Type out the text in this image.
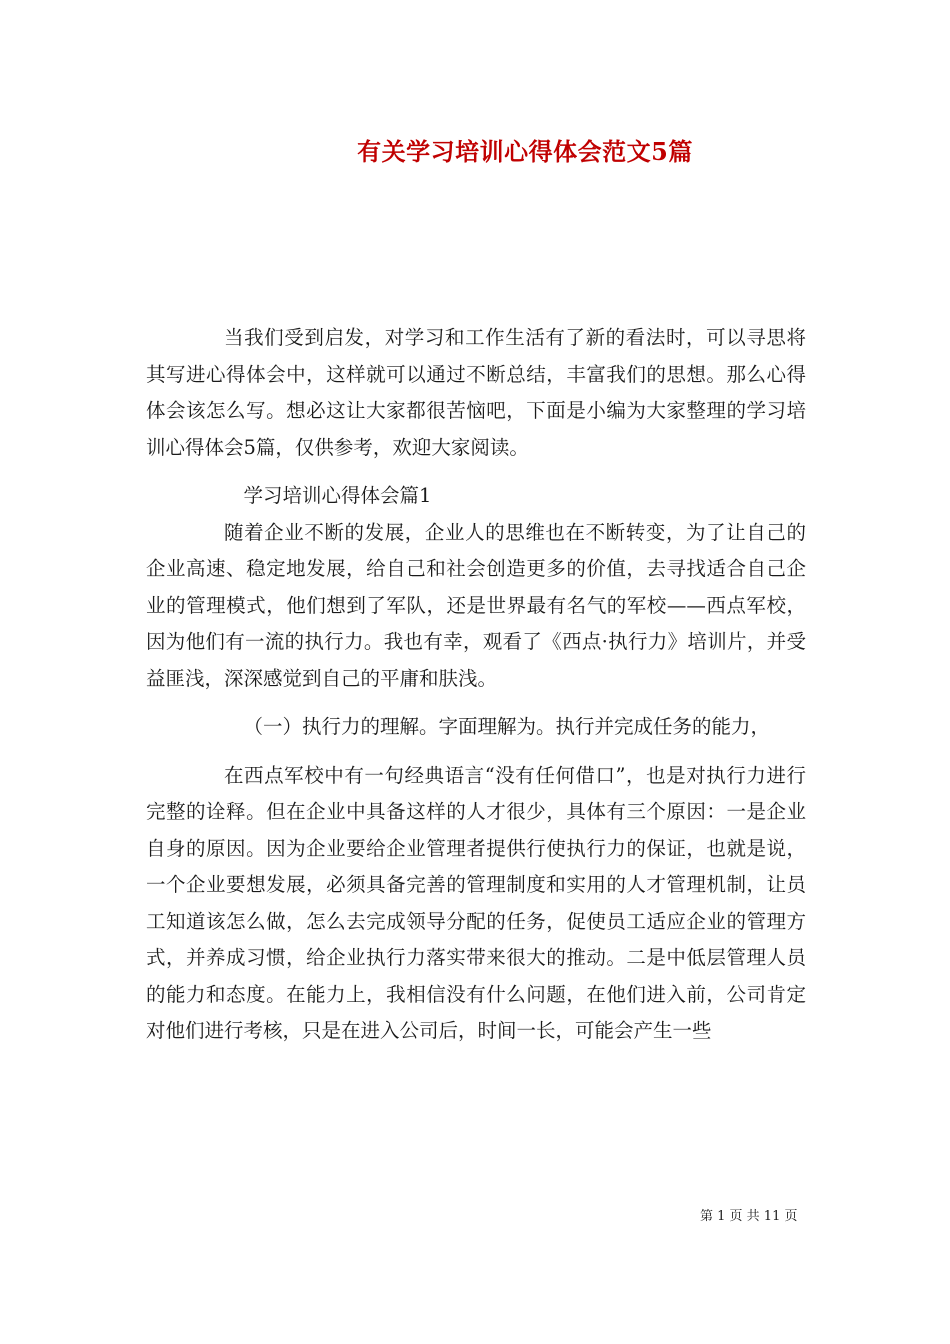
有关学习培训心得体会范文5篇

当我们受到启发，对学习和工作生活有了新的看法时，可以寻思将其写进心得体会中，这样就可以通过不断总结，丰富我们的思想。那么心得体会该怎么写。想必这让大家都很苦恼吧，下面是小编为大家整理的学习培训心得体会5篇，仅供参考，欢迎大家阅读。

学习培训心得体会篇1

随着企业不断的发展，企业人的思维也在不断转变，为了让自己的企业高速、稳定地发展，给自己和社会创造更多的价值，去寻找适合自己企业的管理模式，他们想到了军队，还是世界最有名气的军校——西点军校，因为他们有一流的执行力。我也有幸，观看了《西点·执行力》培训片，并受益匪浅，深深感觉到自己的平庸和肤浅。

（一）执行力的理解。字面理解为。执行并完成任务的能力，

在西点军校中有一句经典语言“没有任何借口”，也是对执行力进行完整的诠释。但在企业中具备这样的人才很少，具体有三个原因：一是企业自身的原因。因为企业要给企业管理者提供行使执行力的保证，也就是说，一个企业要想发展，必须具备完善的管理制度和实用的人才管理机制，让员工知道该怎么做，怎么去完成领导分配的任务，促使员工适应企业的管理方式，并养成习惯，给企业执行力落实带来很大的推动。二是中低层管理人员的能力和态度。在能力上，我相信没有什么问题，在他们进入前，公司肯定对他们进行考核，只是在进入公司后，时间一长，可能会产生一些

第 1 页 共 11 页
